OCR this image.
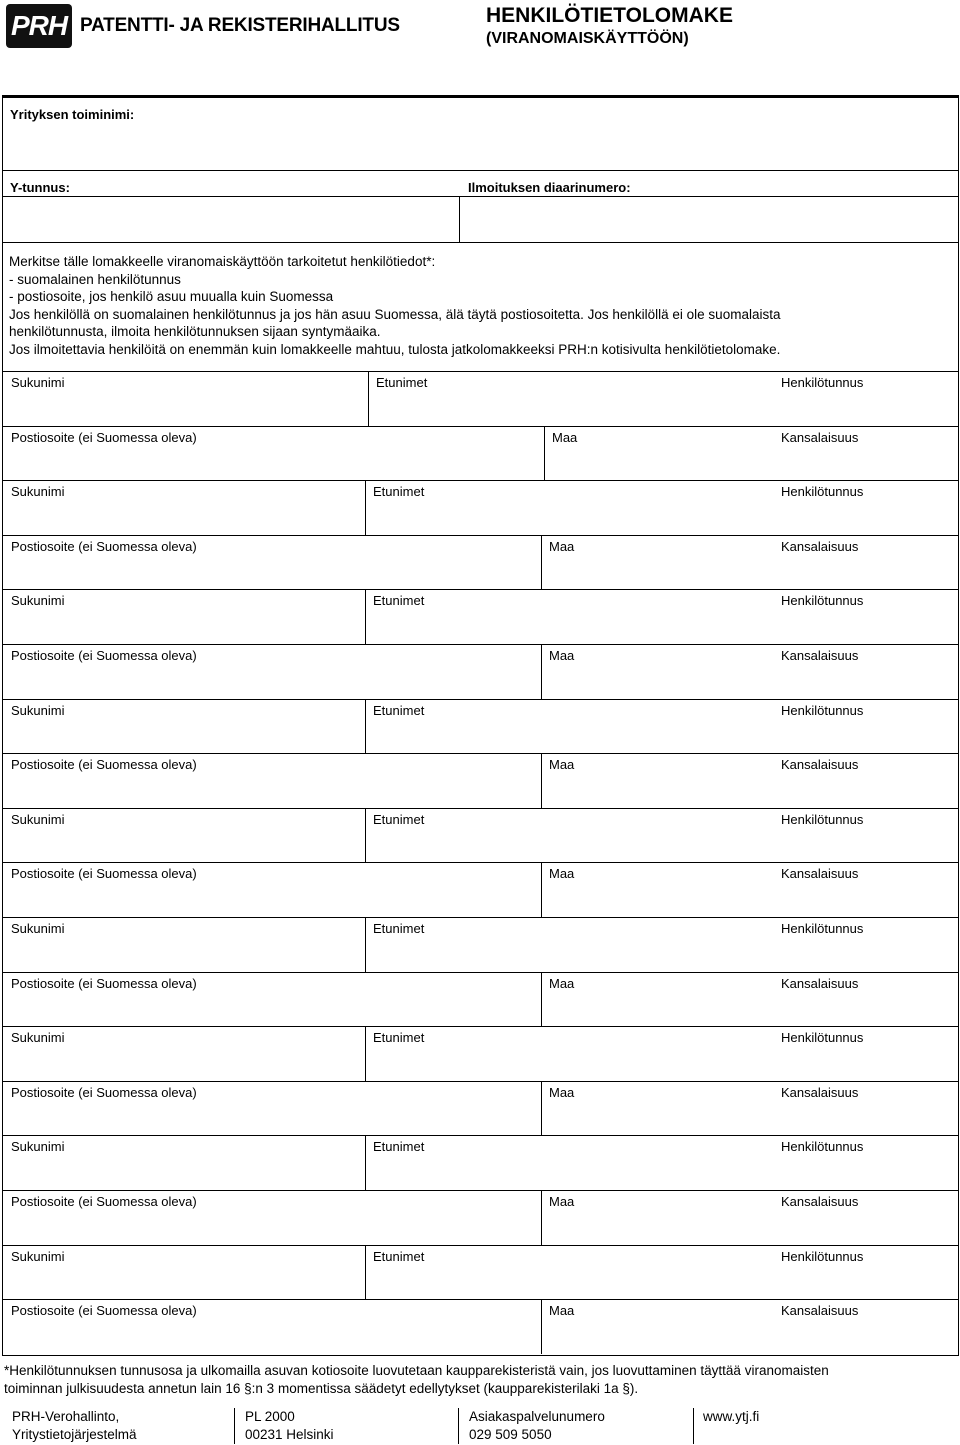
PRH PATENTTI- JA REKISTERIHALLITUS	HENKILÖTIETOLOMAKE
(VIRANOMAISKÄYTTÖÖN)
Yrityksen toiminimi:
Y-tunnus:	Ilmoituksen diaarinumero:
Merkitse tälle lomakkeelle viranomaiskäyttöön tarkoitetut henkilötiedot*:
- suomalainen henkilötunnus
- postiosoite, jos henkilö asuu muualla kuin Suomessa
Jos henkilöllä on suomalainen henkilötunnus ja jos hän asuu Suomessa, älä täytä postiosoitetta. Jos henkilöllä ei ole suomalaista
henkilötunnusta, ilmoita henkilötunnuksen sijaan syntymäaika.
Jos ilmoitettavia henkilöitä on enemmän kuin lomakkeelle mahtuu, tulosta jatkolomakkeeksi PRH:n kotisivulta henkilötietolomake.
Sukunimi	Etunimet	Henkilötunnus
Postiosoite (ei Suomessa oleva)	Maa	Kansalaisuus
Sukunimi	Etunimet	Henkilötunnus
Postiosoite (ei Suomessa oleva)	Maa	Kansalaisuus
Sukunimi	Etunimet	Henkilötunnus
Postiosoite (ei Suomessa oleva)	Maa	Kansalaisuus
Sukunimi	Etunimet	Henkilötunnus
Postiosoite (ei Suomessa oleva)	Maa	Kansalaisuus
Sukunimi	Etunimet	Henkilötunnus
Postiosoite (ei Suomessa oleva)	Maa	Kansalaisuus
Sukunimi	Etunimet	Henkilötunnus
Postiosoite (ei Suomessa oleva)	Maa	Kansalaisuus
Sukunimi	Etunimet	Henkilötunnus
Postiosoite (ei Suomessa oleva)	Maa	Kansalaisuus
Sukunimi	Etunimet	Henkilötunnus
Postiosoite (ei Suomessa oleva)	Maa	Kansalaisuus
Sukunimi	Etunimet	Henkilötunnus
Postiosoite (ei Suomessa oleva)	Maa	Kansalaisuus
*Henkilötunnuksen tunnusosa ja ulkomailla asuvan kotiosoite luovutetaan kaupparekisteristä vain, jos luovuttaminen täyttää viranomaisten
toiminnan julkisuudesta annetun lain 16 §:n 3 momentissa säädetyt edellytykset (kaupparekisterilaki 1a §).
PRH-Verohallinto,
Yritystietojärjestelmä
PL 2000
00231 Helsinki
Asiakaspalvelunumero
029 509 5050
www.ytj.fi
